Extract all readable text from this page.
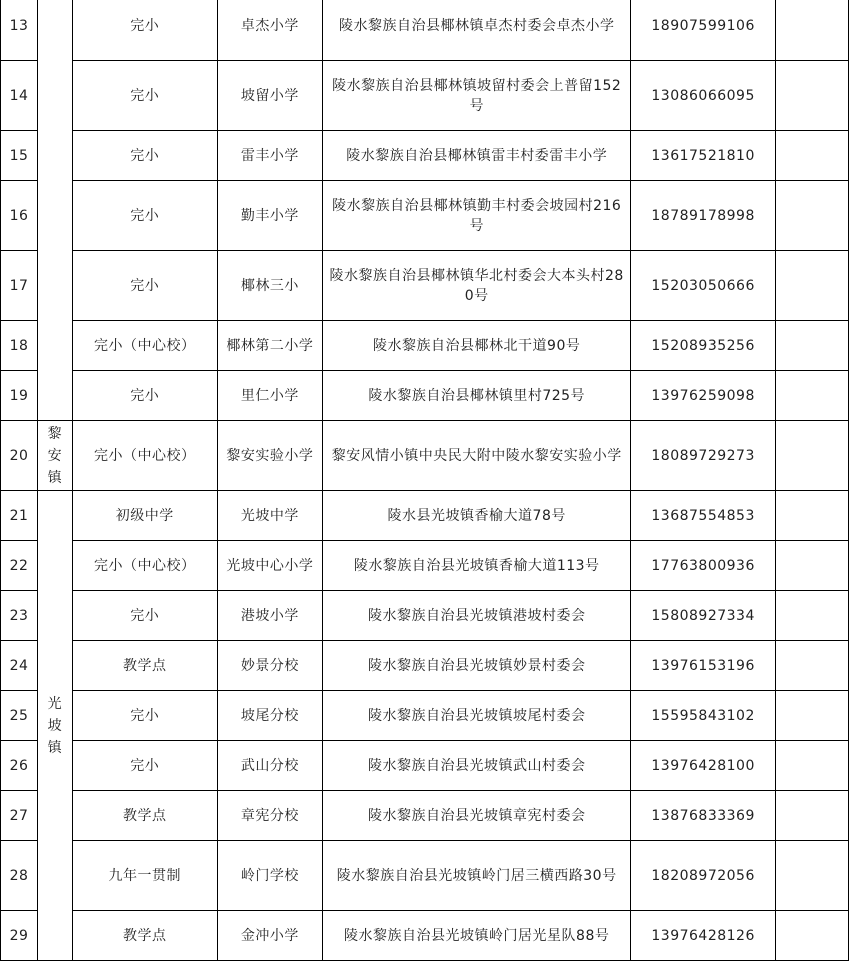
13		完小	卓杰小学	陵水黎族自治县椰林镇卓杰村委会卓杰小学	18907599106	
14		完小	坡留小学	陵水黎族自治县椰林镇坡留村委会上普留152号	13086066095	
15		完小	雷丰小学	陵水黎族自治县椰林镇雷丰村委雷丰小学	13617521810	
16		完小	勤丰小学	陵水黎族自治县椰林镇勤丰村委会坡园村216号	18789178998	
17		完小	椰林三小	陵水黎族自治县椰林镇华北村委会大本头村280号	15203050666	
18		完小（中心校）	椰林第二小学	陵水黎族自治县椰林北干道90号	15208935256	
19		完小	里仁小学	陵水黎族自治县椰林镇里村725号	13976259098	
20	黎安镇	完小（中心校）	黎安实验小学	黎安风情小镇中央民大附中陵水黎安实验小学	18089729273	
21	光坡镇	初级中学	光坡中学	陵水县光坡镇香榆大道78号	13687554853	
22		完小（中心校）	光坡中心小学	陵水黎族自治县光坡镇香榆大道113号	17763800936	
23		完小	港坡小学	陵水黎族自治县光坡镇港坡村委会	15808927334	
24		教学点	妙景分校	陵水黎族自治县光坡镇妙景村委会	13976153196	
25		完小	坡尾分校	陵水黎族自治县光坡镇坡尾村委会	15595843102	
26		完小	武山分校	陵水黎族自治县光坡镇武山村委会	13976428100	
27		教学点	章宪分校	陵水黎族自治县光坡镇章宪村委会	13876833369	
28		九年一贯制	岭门学校	陵水黎族自治县光坡镇岭门居三横西路30号	18208972056	
29		教学点	金冲小学	陵水黎族自治县光坡镇岭门居光星队88号	13976428126	
